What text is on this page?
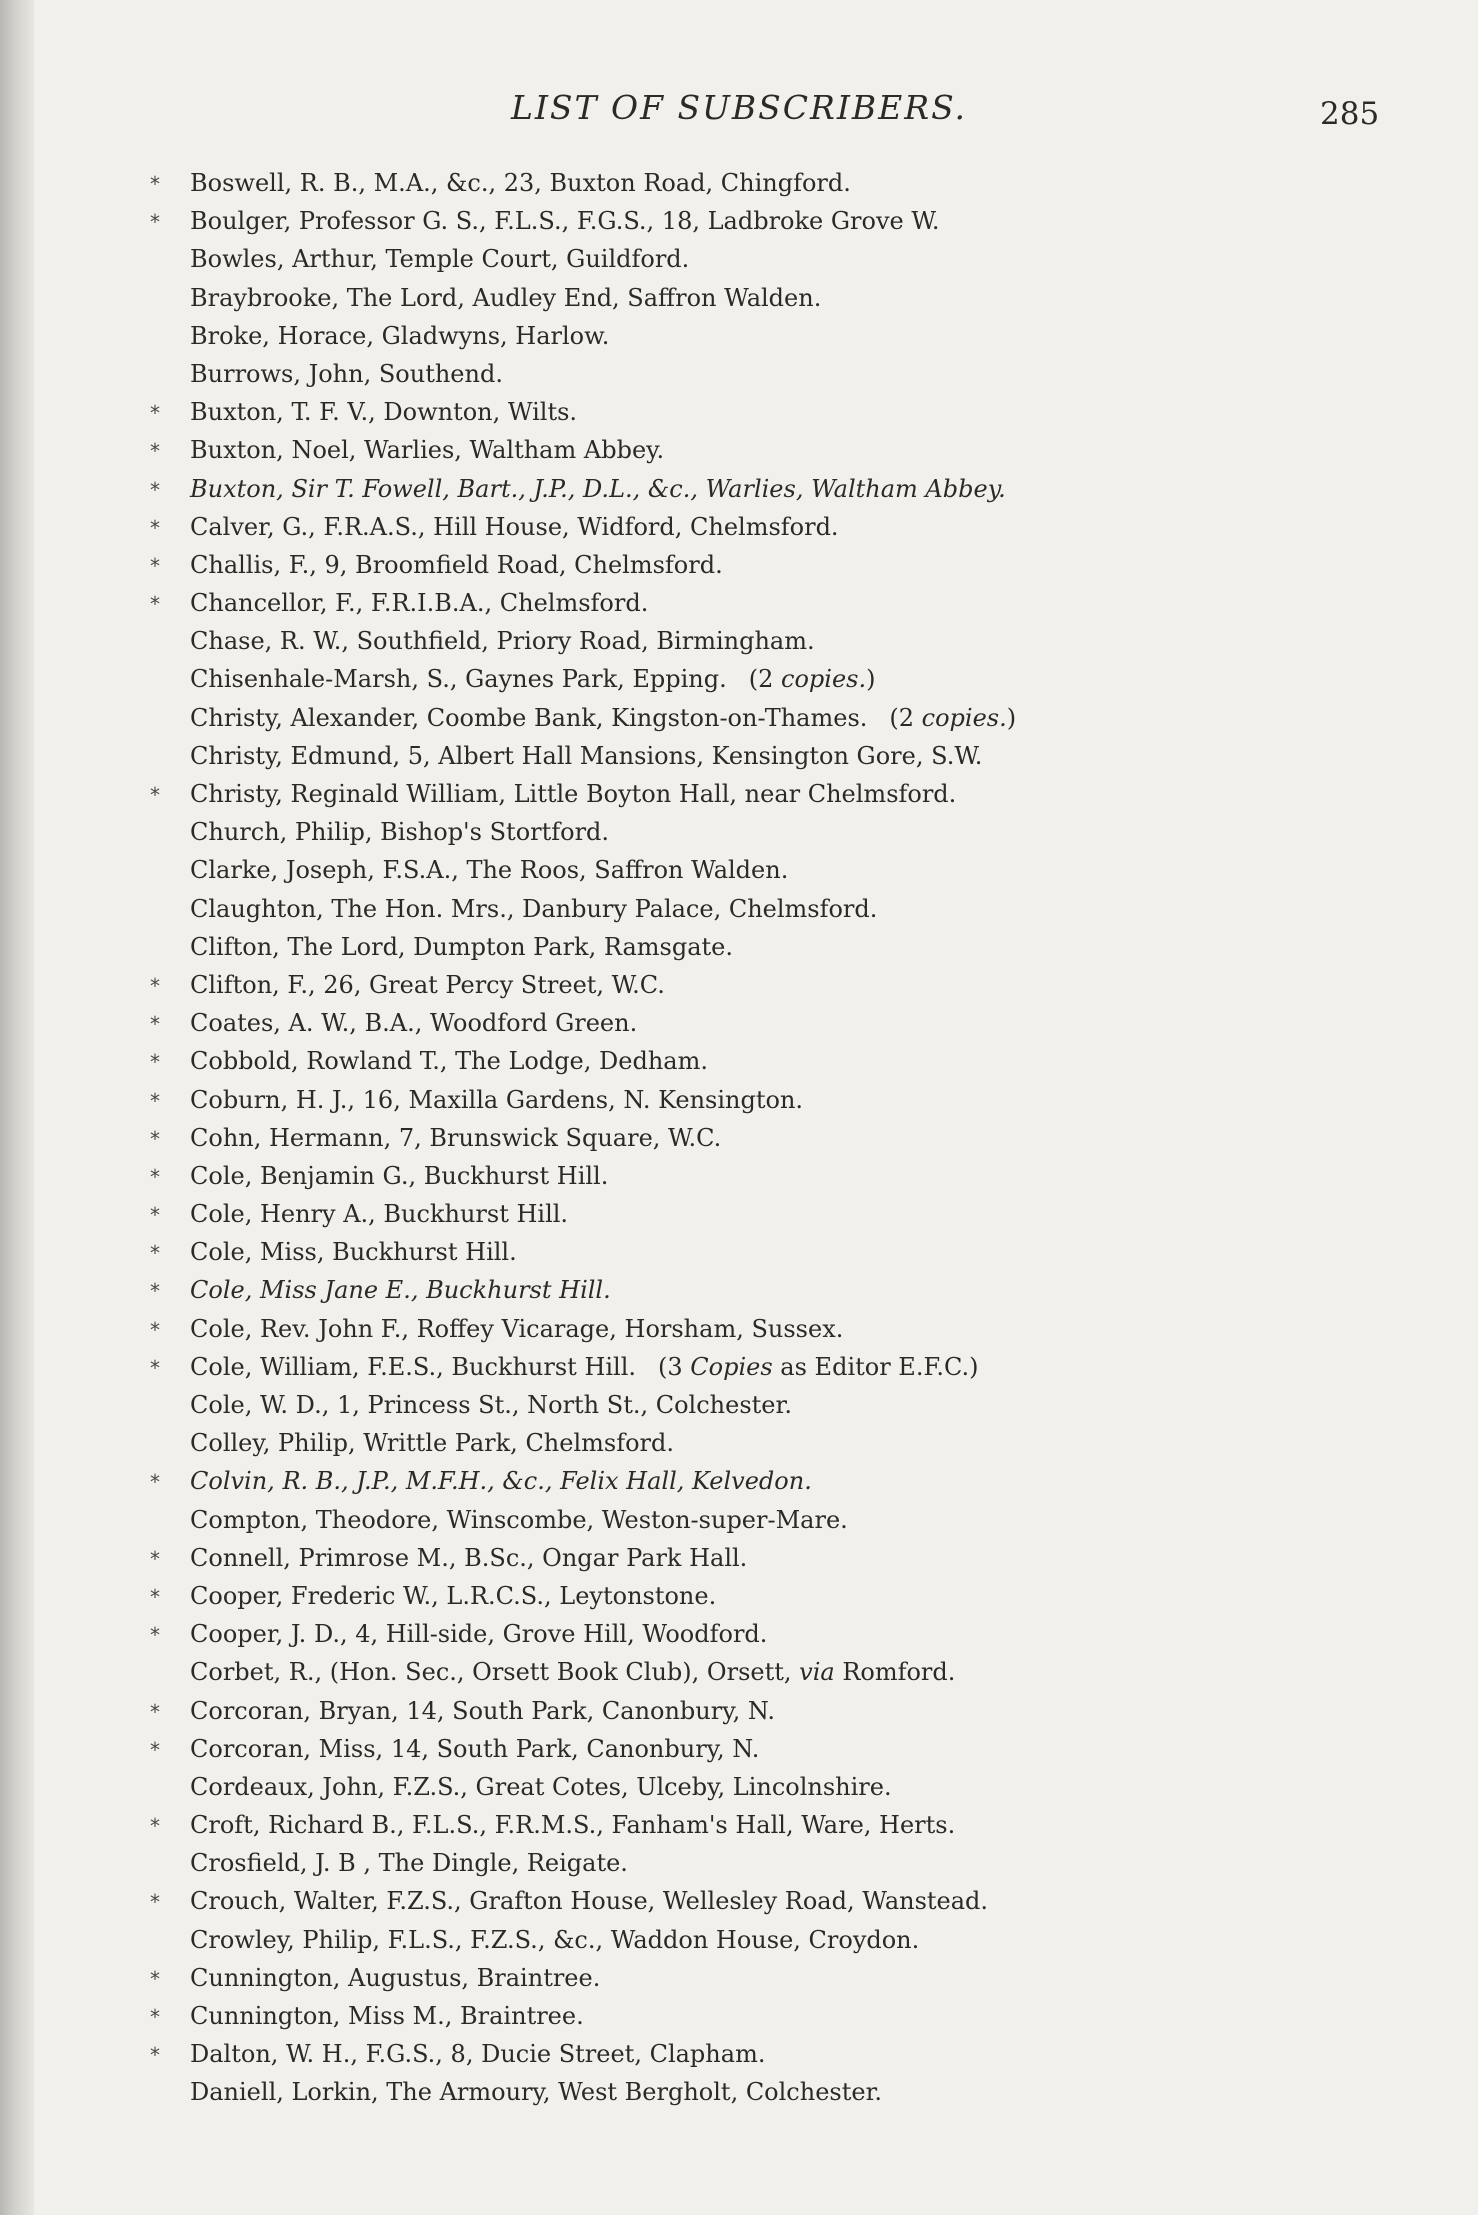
LIST OF SUBSCRIBERS.	285
* Boswell, R. B., M.A., &c., 23, Buxton Road, Chingford.
* Boulger, Professor G. S., F.L.S., F.G.S., 18, Ladbroke Grove W.
Bowles, Arthur, Temple Court, Guildford.
Braybrooke, The Lord, Audley End, Saffron Walden.
Broke, Horace, Gladwyns, Harlow.
Burrows, John, Southend.
* Buxton, T. F. V., Downton, Wilts.
* Buxton, Noel, Warlies, Waltham Abbey.
* Buxton, Sir T. Fowell, Bart., J.P., D.L., &c., Warlies, Waltham Abbey.
* Calver, G., F.R.A.S., Hill House, Widford, Chelmsford.
* Challis, F., 9, Broomfield Road, Chelmsford.
* Chancellor, F., F.R.I.B.A., Chelmsford.
Chase, R. W., Southfield, Priory Road, Birmingham.
Chisenhale-Marsh, S., Gaynes Park, Epping. (2 copies.)
Christy, Alexander, Coombe Bank, Kingston-on-Thames. (2 copies.)
Christy, Edmund, 5, Albert Hall Mansions, Kensington Gore, S.W.
* Christy, Reginald William, Little Boyton Hall, near Chelmsford.
Church, Philip, Bishop's Stortford.
Clarke, Joseph, F.S.A., The Roos, Saffron Walden.
Claughton, The Hon. Mrs., Danbury Palace, Chelmsford.
Clifton, The Lord, Dumpton Park, Ramsgate.
* Clifton, F., 26, Great Percy Street, W.C.
* Coates, A. W., B.A., Woodford Green.
* Cobbold, Rowland T., The Lodge, Dedham.
* Coburn, H. J., 16, Maxilla Gardens, N. Kensington.
* Cohn, Hermann, 7, Brunswick Square, W.C.
* Cole, Benjamin G., Buckhurst Hill.
* Cole, Henry A., Buckhurst Hill.
* Cole, Miss, Buckhurst Hill.
* Cole, Miss Jane E., Buckhurst Hill.
* Cole, Rev. John F., Roffey Vicarage, Horsham, Sussex.
* Cole, William, F.E.S., Buckhurst Hill. (3 Copies as Editor E.F.C.)
Cole, W. D., 1, Princess St., North St., Colchester.
Colley, Philip, Writtle Park, Chelmsford.
* Colvin, R. B., J.P., M.F.H., &c., Felix Hall, Kelvedon.
Compton, Theodore, Winscombe, Weston-super-Mare.
* Connell, Primrose M., B.Sc., Ongar Park Hall.
* Cooper, Frederic W., L.R.C.S., Leytonstone.
* Cooper, J. D., 4, Hill-side, Grove Hill, Woodford.
Corbet, R., (Hon. Sec., Orsett Book Club), Orsett, via Romford.
* Corcoran, Bryan, 14, South Park, Canonbury, N.
* Corcoran, Miss, 14, South Park, Canonbury, N.
Cordeaux, John, F.Z.S., Great Cotes, Ulceby, Lincolnshire.
* Croft, Richard B., F.L.S., F.R.M.S., Fanham's Hall, Ware, Herts.
Crosfield, J. B , The Dingle, Reigate.
* Crouch, Walter, F.Z.S., Grafton House, Wellesley Road, Wanstead.
Crowley, Philip, F.L.S., F.Z.S., &c., Waddon House, Croydon.
* Cunnington, Augustus, Braintree.
* Cunnington, Miss M., Braintree.
* Dalton, W. H., F.G.S., 8, Ducie Street, Clapham.
Daniell, Lorkin, The Armoury, West Bergholt, Colchester.
